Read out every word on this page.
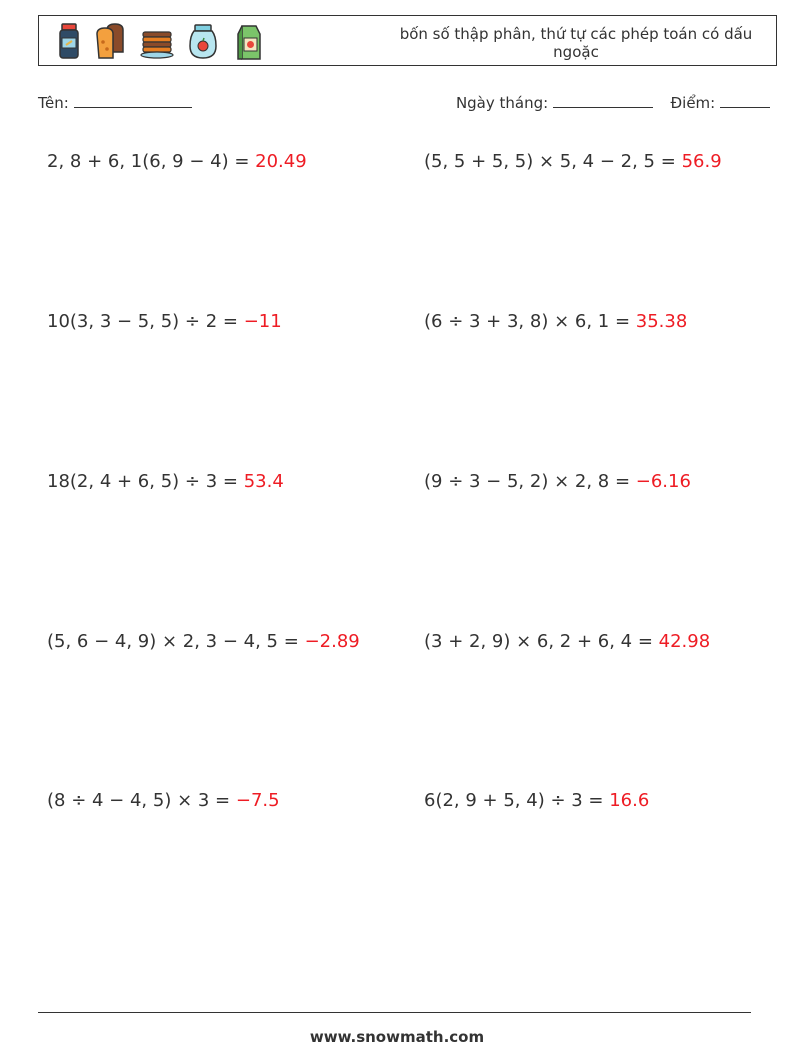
bốn số thập phân, thứ tự các phép toán có dấu ngoặc
Tên:	Ngày tháng:	Điểm:
2, 8 + 6, 1(6, 9 − 4) = 20.49	(5, 5 + 5, 5) × 5, 4 − 2, 5 = 56.9
10(3, 3 − 5, 5) ÷ 2 = −11	(6 ÷ 3 + 3, 8) × 6, 1 = 35.38
18(2, 4 + 6, 5) ÷ 3 = 53.4	(9 ÷ 3 − 5, 2) × 2, 8 = −6.16
(5, 6 − 4, 9) × 2, 3 − 4, 5 = −2.89	(3 + 2, 9) × 6, 2 + 6, 4 = 42.98
(8 ÷ 4 − 4, 5) × 3 = −7.5	6(2, 9 + 5, 4) ÷ 3 = 16.6
www.snowmath.com
